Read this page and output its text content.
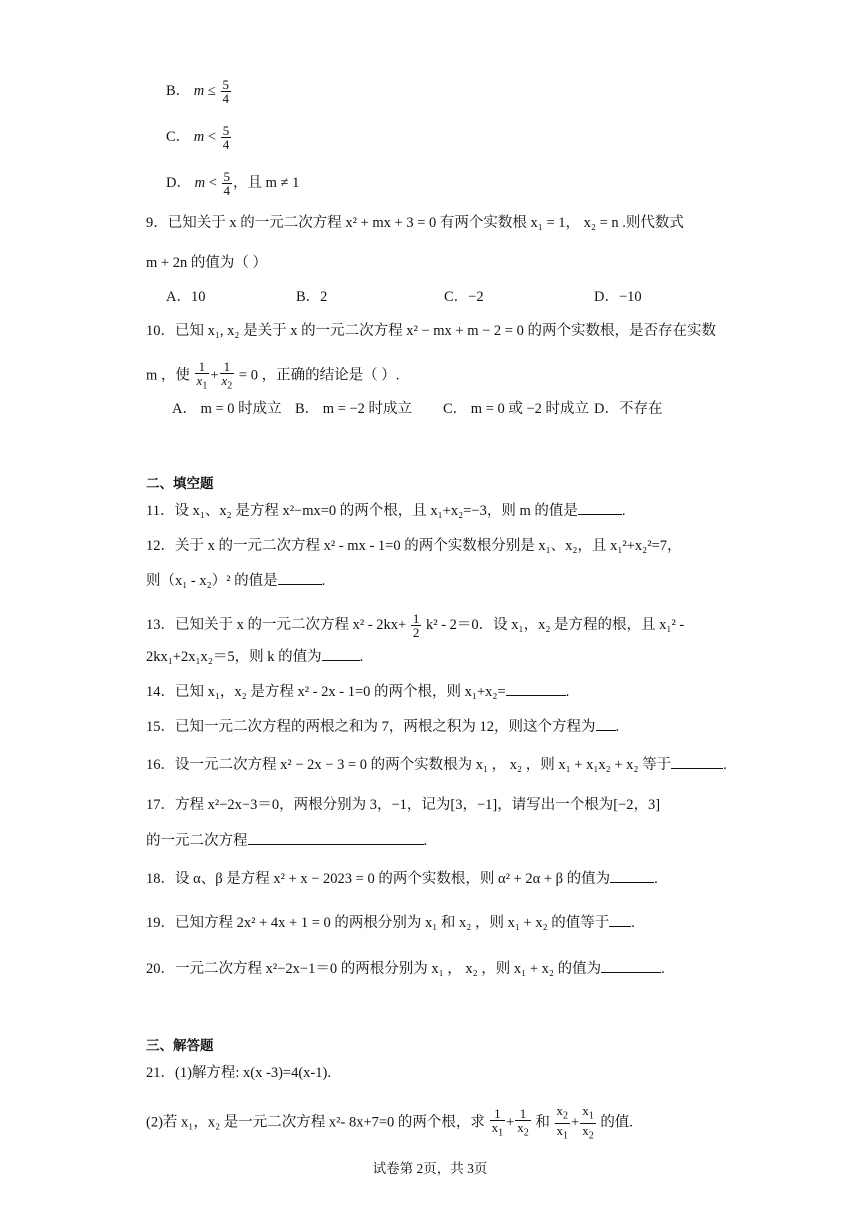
B． $m \le \frac{5}{4}$
C． $m < \frac{5}{4}$
D． $m < \frac{5}{4}$ ，且 m ≠ 1
9．已知关于 x 的一元二次方程 x² + mx + 3 = 0 有两个实数根 x₁ = 1， x₂ = n .则代数式
m + 2n 的值为（ ）
A．10	B．2	C．−2	D．−10
10．已知 x₁, x₂ 是关于 x 的一元二次方程 x² − mx + m − 2 = 0 的两个实数根，是否存在实数
m ，使 $\frac{1}{x_1} + \frac{1}{x_2} = 0$ ，正确的结论是（ ）.
A． m = 0 时成立 B． m = −2 时成立 C． m = 0 或 −2 时成立 D．不存在
二、填空题
11．设 x₁、x₂ 是方程 x²−mx=0 的两个根，且 x₁+x₂=−3，则 m 的值是	.
12．关于 x 的一元二次方程 x² - mx - 1=0 的两个实数根分别是 x₁、x₂，且 x₁²+x₂²=7，
则（x₁ - x₂）² 的值是	.
13．已知关于 x 的一元二次方程 $x^2 - 2kx+ \frac{1}{2} k^2 - 2=0$．设 x₁，x₂ 是方程的根，且 x₁² -
2kx₁+2x₁x₂＝5，则 k 的值为	.
14．已知 x₁，x₂ 是方程 x² - 2x - 1=0 的两个根，则 x₁+x₂=	.
15．已知一元二次方程的两根之和为 7，两根之积为 12，则这个方程为 .
16．设一元二次方程 x² − 2x − 3 = 0 的两个实数根为 x₁ ， x₂ ，则 x₁ + x₁x₂ + x₂ 等于	.
17．方程 x²−2x−3＝0，两根分别为 3，−1，记为[3，−1]，请写出一个根为[−2，3]
的一元二次方程	.
18．设 α、β 是方程 x² + x − 2023 = 0 的两个实数根，则 α² + 2α + β 的值为	.
19．已知方程 2x² + 4x + 1 = 0 的两根分别为 x₁ 和 x₂ ，则 x₁ + x₂ 的值等于 .
20．一元二次方程 x²−2x−1＝0 的两根分别为 x₁ ， x₂ ，则 x₁ + x₂ 的值为	.
三、解答题
21．(1)解方程: x(x -3)=4(x-1).
(2)若 x₁，x₂ 是一元二次方程 x²- 8x+7=0 的两个根，求 $\frac{1}{x_1} + \frac{1}{x_2}$ 和 $\frac{x_2}{x_1} + \frac{x_1}{x_2}$ 的值.
试卷第 2页，共 3页
